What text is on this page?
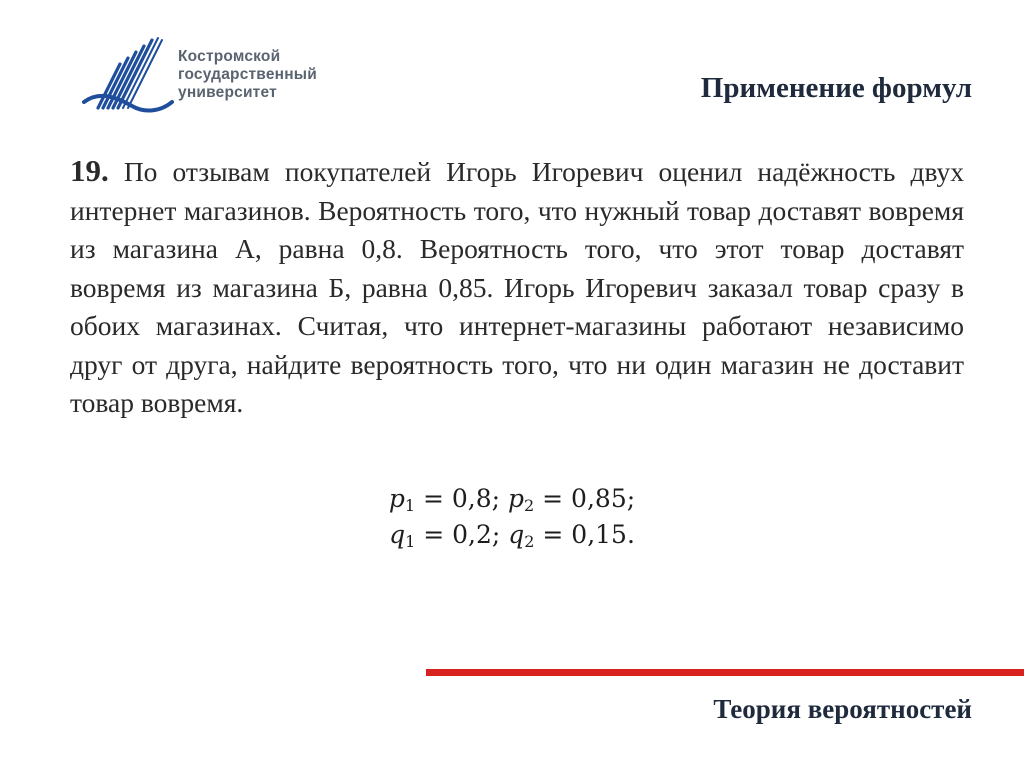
Костромской
государственный
университет	Применение формул
19. По отзывам покупателей Игорь Игоревич оценил надёжность двух интернет магазинов. Вероятность того, что нужный товар доставят вовремя из магазина А, равна 0,8. Вероятность того, что этот товар доставят вовремя из магазина Б, равна 0,85. Игорь Игоревич заказал товар сразу в обоих магазинах. Считая, что интернет-магазины работают независимо друг от друга, найдите вероятность того, что ни один магазин не доставит товар вовремя.
$p_1 = 0,8$; $p_2 = 0,85$;
$q_1 = 0,2$; $q_2 = 0,15$.
Теория вероятностей
